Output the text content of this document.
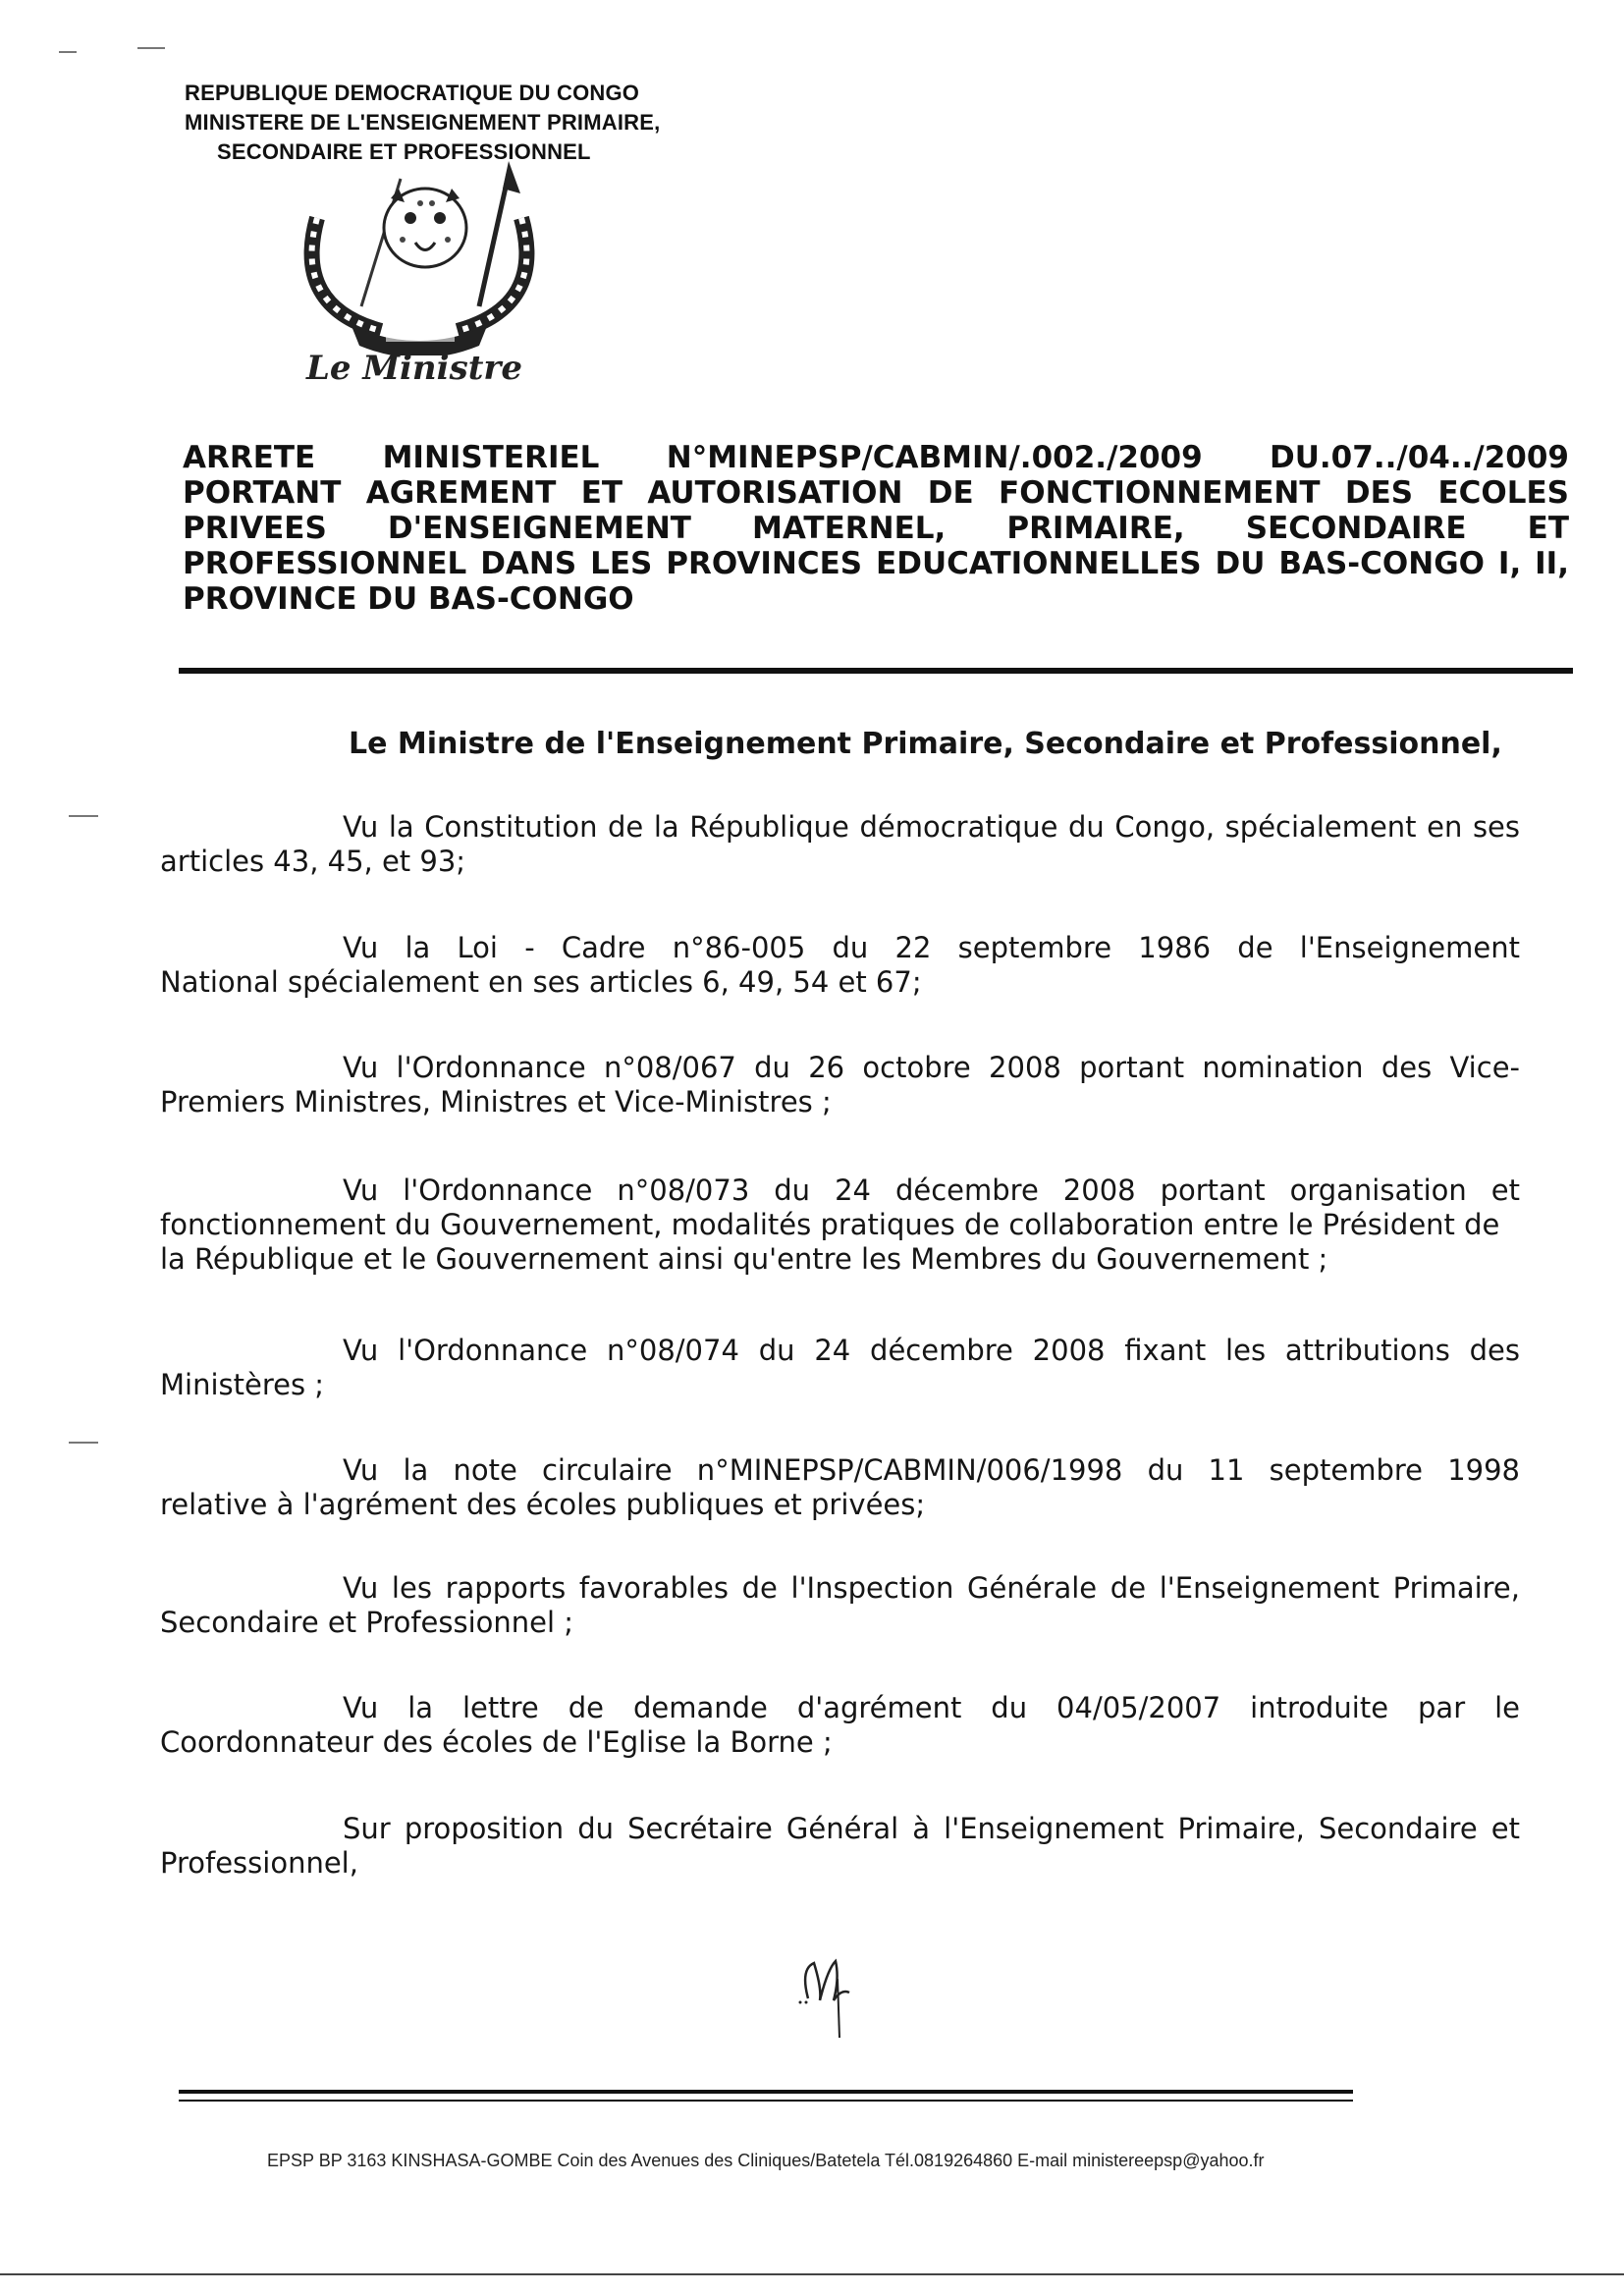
REPUBLIQUE DEMOCRATIQUE DU CONGO
MINISTERE DE L'ENSEIGNEMENT PRIMAIRE,
SECONDAIRE ET PROFESSIONNEL
Le Ministre
ARRETE MINISTERIEL N°MINEPSP/CABMIN/.002./2009 DU.07../04../2009
PORTANT AGREMENT ET AUTORISATION DE FONCTIONNEMENT DES ECOLES
PRIVEES D'ENSEIGNEMENT MATERNEL, PRIMAIRE, SECONDAIRE ET
PROFESSIONNEL DANS LES PROVINCES EDUCATIONNELLES DU BAS-CONGO I, II,
PROVINCE DU BAS-CONGO
Le Ministre de l'Enseignement Primaire, Secondaire et Professionnel,
Vu la Constitution de la République démocratique du Congo, spécialement en ses
articles 43, 45, et 93;
Vu la Loi - Cadre n°86-005 du 22 septembre 1986 de l'Enseignement
National spécialement en ses articles 6, 49, 54 et 67;
Vu l'Ordonnance n°08/067 du 26 octobre 2008 portant nomination des Vice-
Premiers Ministres, Ministres et Vice-Ministres ;
Vu l'Ordonnance n°08/073 du 24 décembre 2008 portant organisation et
fonctionnement du Gouvernement, modalités pratiques de collaboration entre le Président de la République et le Gouvernement ainsi qu'entre les Membres du Gouvernement ;
Vu l'Ordonnance n°08/074 du 24 décembre 2008 fixant les attributions des
Ministères ;
Vu la note circulaire n°MINEPSP/CABMIN/006/1998 du 11 septembre 1998
relative à l'agrément des écoles publiques et privées;
Vu les rapports favorables de l'Inspection Générale de l'Enseignement Primaire,
Secondaire et Professionnel ;
Vu la lettre de demande d'agrément du 04/05/2007 introduite par le
Coordonnateur des écoles de l'Eglise la Borne ;
Sur proposition du Secrétaire Général à l'Enseignement Primaire, Secondaire et
Professionnel,
EPSP BP 3163 KINSHASA-GOMBE Coin des Avenues des Cliniques/Batetela Tél.0819264860 E-mail ministereepsp@yahoo.fr
